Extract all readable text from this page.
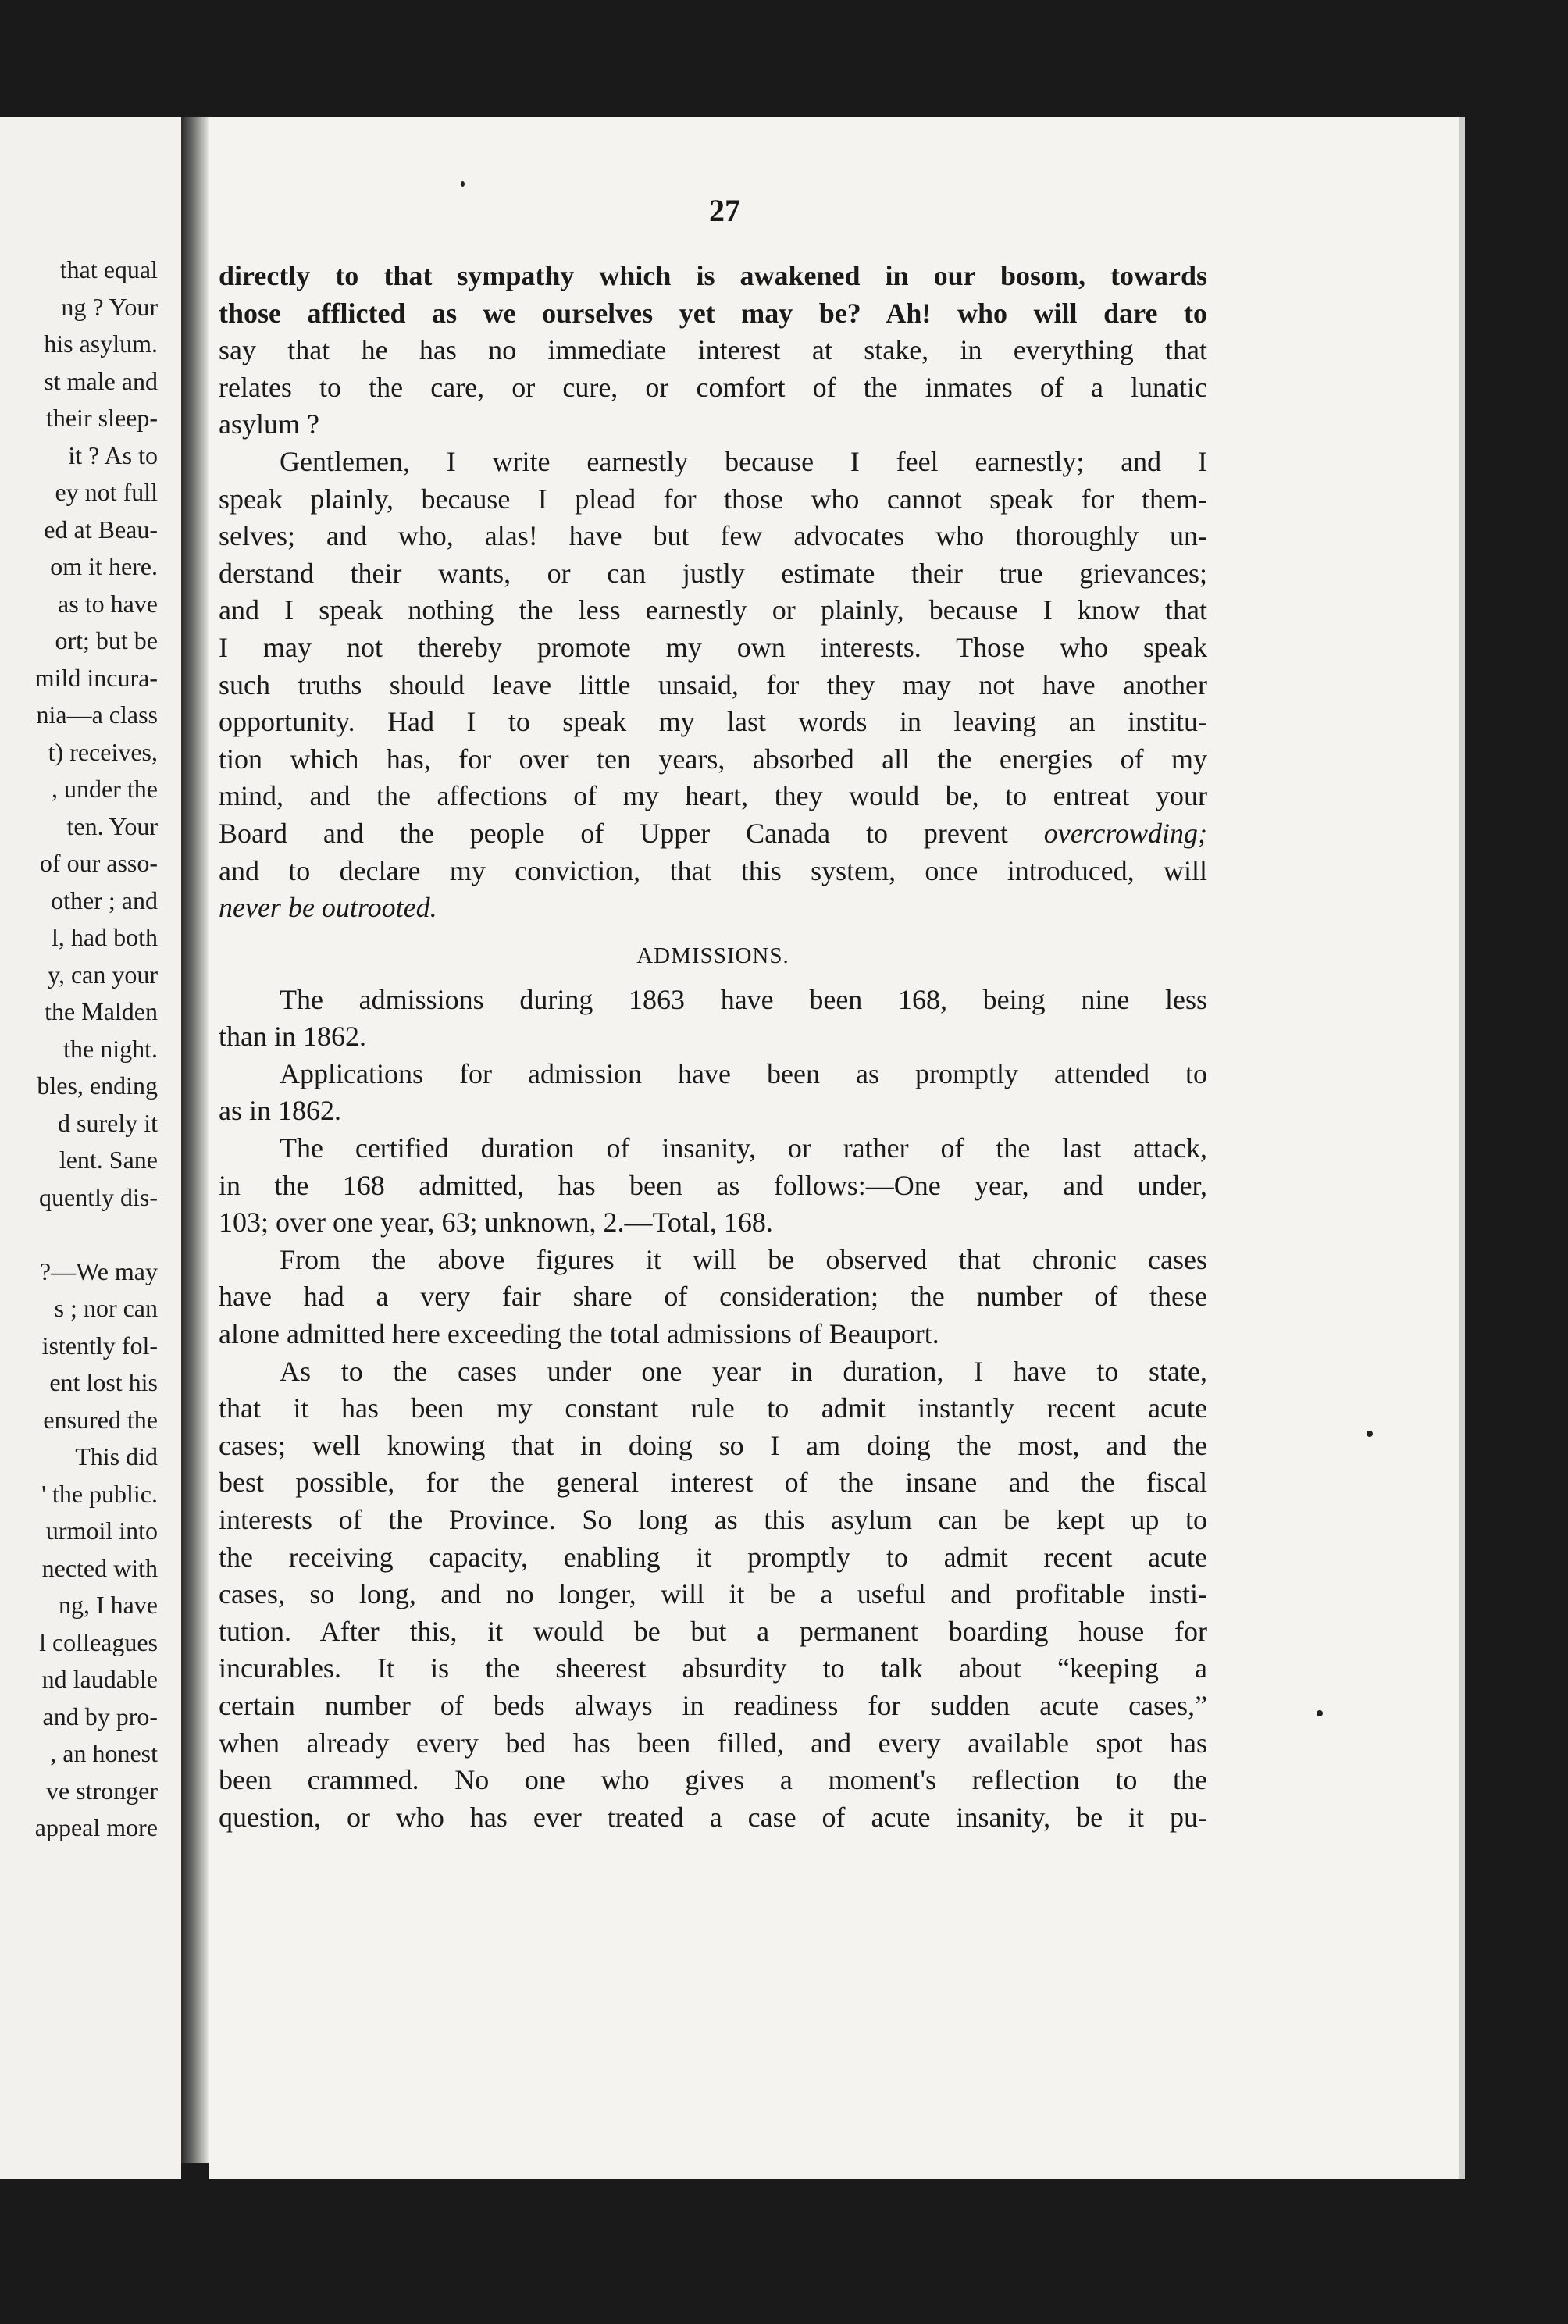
that equal
ng ? Your
his asylum.
st male and
their sleep-
it ? As to
ey not full
ed at Beau-
om it here.
as to have
ort; but be
mild incura-
nia—a class
t) receives,
, under the
ten. Your
of our asso-
other ; and
l, had both
y, can your
the Malden
the night.
bles, ending
d surely it
lent. Sane
quently dis-
?—We may
s ; nor can
istently fol-
ent lost his
ensured the
This did
' the public.
urmoil into
nected with
ng, I have
l colleagues
nd laudable
and by pro-
, an honest
ve stronger
appeal more
27
directly to that sympathy which is awakened in our bosom, towards
those afflicted as we ourselves yet may be? Ah! who will dare to
say that he has no immediate interest at stake, in everything that
relates to the care, or cure, or comfort of the inmates of a lunatic
asylum ?
Gentlemen, I write earnestly because I feel earnestly; and I
speak plainly, because I plead for those who cannot speak for them-
selves; and who, alas! have but few advocates who thoroughly un-
derstand their wants, or can justly estimate their true grievances;
and I speak nothing the less earnestly or plainly, because I know that
I may not thereby promote my own interests. Those who speak
such truths should leave little unsaid, for they may not have another
opportunity. Had I to speak my last words in leaving an institu-
tion which has, for over ten years, absorbed all the energies of my
mind, and the affections of my heart, they would be, to entreat your
Board and the people of Upper Canada to prevent overcrowding;
and to declare my conviction, that this system, once introduced, will
never be outrooted.
ADMISSIONS.
The admissions during 1863 have been 168, being nine less
than in 1862.
Applications for admission have been as promptly attended to
as in 1862.
The certified duration of insanity, or rather of the last attack,
in the 168 admitted, has been as follows:—One year, and under,
103; over one year, 63; unknown, 2.—Total, 168.
From the above figures it will be observed that chronic cases
have had a very fair share of consideration; the number of these
alone admitted here exceeding the total admissions of Beauport.
As to the cases under one year in duration, I have to state,
that it has been my constant rule to admit instantly recent acute
cases; well knowing that in doing so I am doing the most, and the
best possible, for the general interest of the insane and the fiscal
interests of the Province. So long as this asylum can be kept up to
the receiving capacity, enabling it promptly to admit recent acute
cases, so long, and no longer, will it be a useful and profitable insti-
tution. After this, it would be but a permanent boarding house for
incurables. It is the sheerest absurdity to talk about “keeping a
certain number of beds always in readiness for sudden acute cases,”
when already every bed has been filled, and every available spot has
been crammed. No one who gives a moment's reflection to the
question, or who has ever treated a case of acute insanity, be it pu-
